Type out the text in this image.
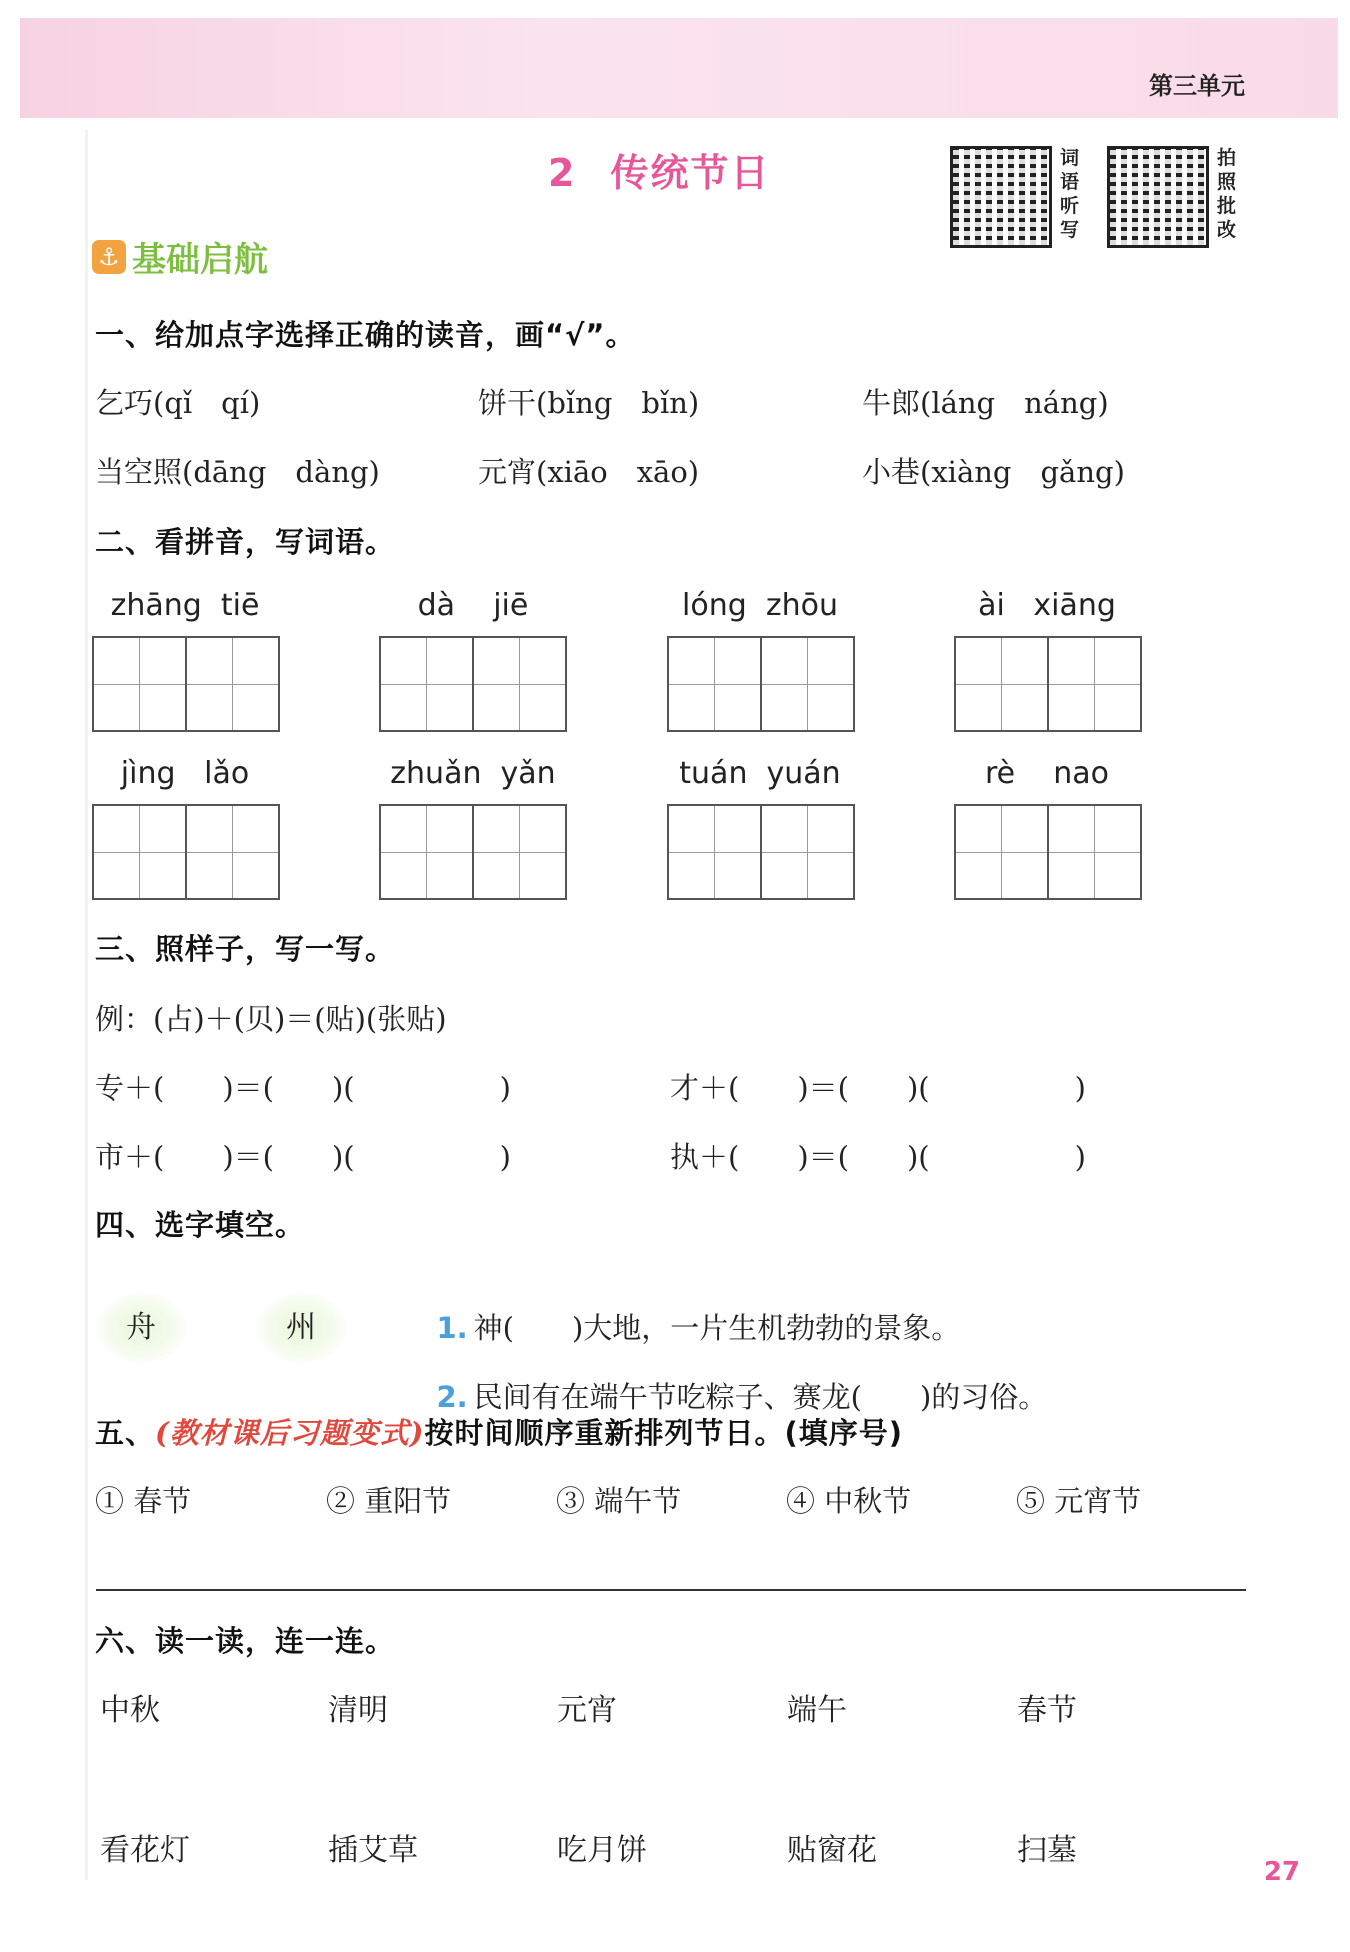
第三单元
2 传统节日	词语听写
拍照批改
⚓ 基础启航
一、给加点字选择正确的读音，画“√”。
乞巧(qǐ　qí)	饼干(bǐng　bǐn)	牛郎(láng　náng)
当空照(dāng　dàng)	元宵(xiāo　xāo)	小巷(xiàng　gǎng)
二、看拼音，写词语。
zhāng  tiē	dà    jiē	lóng  zhōu	ài   xiāng
jìng   lǎo	zhuǎn  yǎn	tuán  yuán	rè    nao
三、照样子，写一写。
例：(占)＋(贝)＝(贴)(张贴)
专＋(　　)＝(　　)(　　　　　)	才＋(　　)＝(　　)(　　　　　)
市＋(　　)＝(　　)(　　　　　)	执＋(　　)＝(　　)(　　　　　)
四、选字填空。
舟	州	1. 神(　　)大地，一片生机勃勃的景象。

2. 民间有在端午节吃粽子、赛龙(　　)的习俗。

五、(教材课后习题变式)按时间顺序重新排列节日。(填序号)
① 春节	② 重阳节	③ 端午节	④ 中秋节	⑤ 元宵节
六、读一读，连一连。
中秋	清明	元宵	端午	春节
看花灯	插艾草	吃月饼	贴窗花	扫墓
27
